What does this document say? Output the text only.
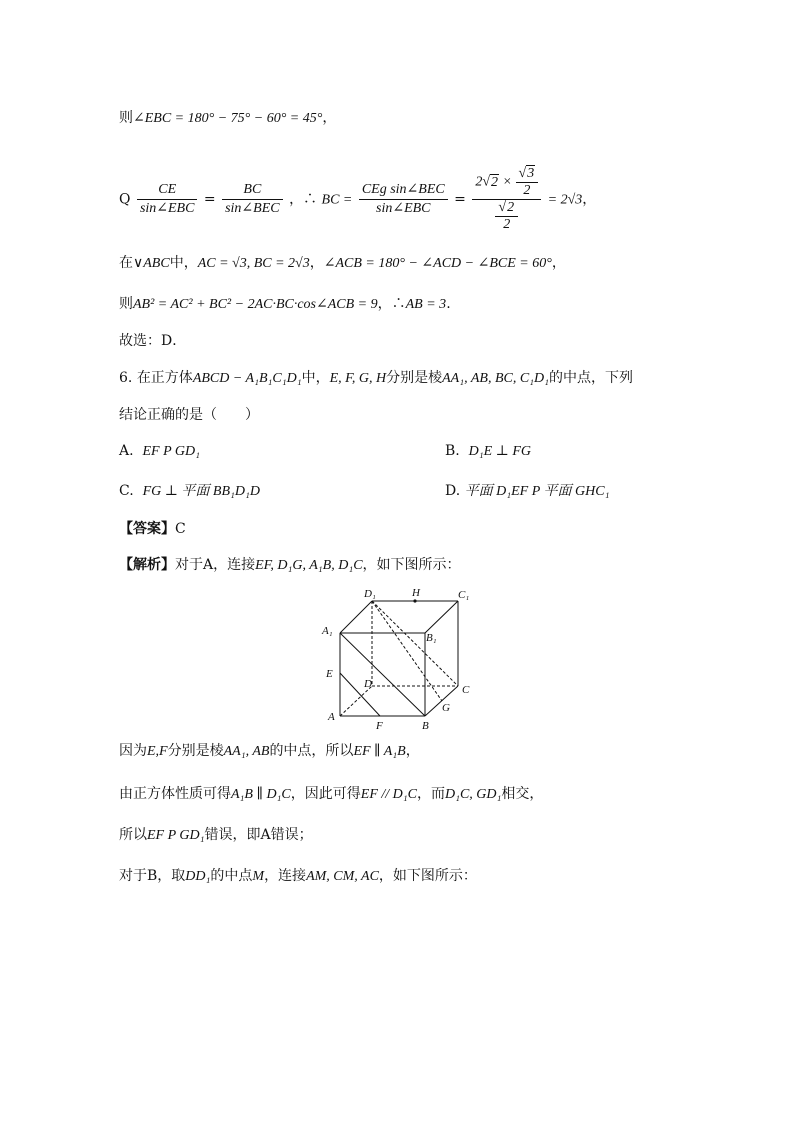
则∠EBC = 180° − 75° − 60° = 45°，
Q $\frac{CE}{\text{sin∠EBC}} = \frac{BC}{\text{sin∠BEC}}$ ，∴ BC = $\frac{\text{CEg sin∠BEC}}{\text{sin∠EBC}} = \frac{2√2 \times \frac{√3}{2}}{\frac{√2}{2}} = 2√3$，
在∨ABC中，AC = √3, BC = 2√3，∠ACB = 180° − ∠ACD − ∠BCE = 60°，
则AB² = AC² + BC² − 2AC·BC·cos∠ACB = 9，∴AB = 3.
故选：D．
6. 在正方体ABCD − A₁B₁C₁D₁中，E, F, G, H分别是棱AA₁, AB, BC, C₁D₁的中点，下列
结论正确的是（　　）
A. EF P GD₁	B. D₁E ⊥ FG
C. FG ⊥ 平面 BB₁D₁D	D. 平面 D₁EF P 平面 GHC₁
【答案】C
【解析】对于A，连接EF, D₁G, A₁B, D₁C，如下图所示：
D₁	H	C₁
A₁
B₁
E
D	C
G
A
F	B
因为E,F分别是棱AA₁, AB的中点，所以EF ∥ A₁B，
由正方体性质可得A₁B ∥ D₁C，因此可得EF // D₁C，而D₁C, GD₁相交，
所以EF P GD₁错误，即A错误；
对于B，取DD₁的中点M，连接AM, CM, AC，如下图所示：
